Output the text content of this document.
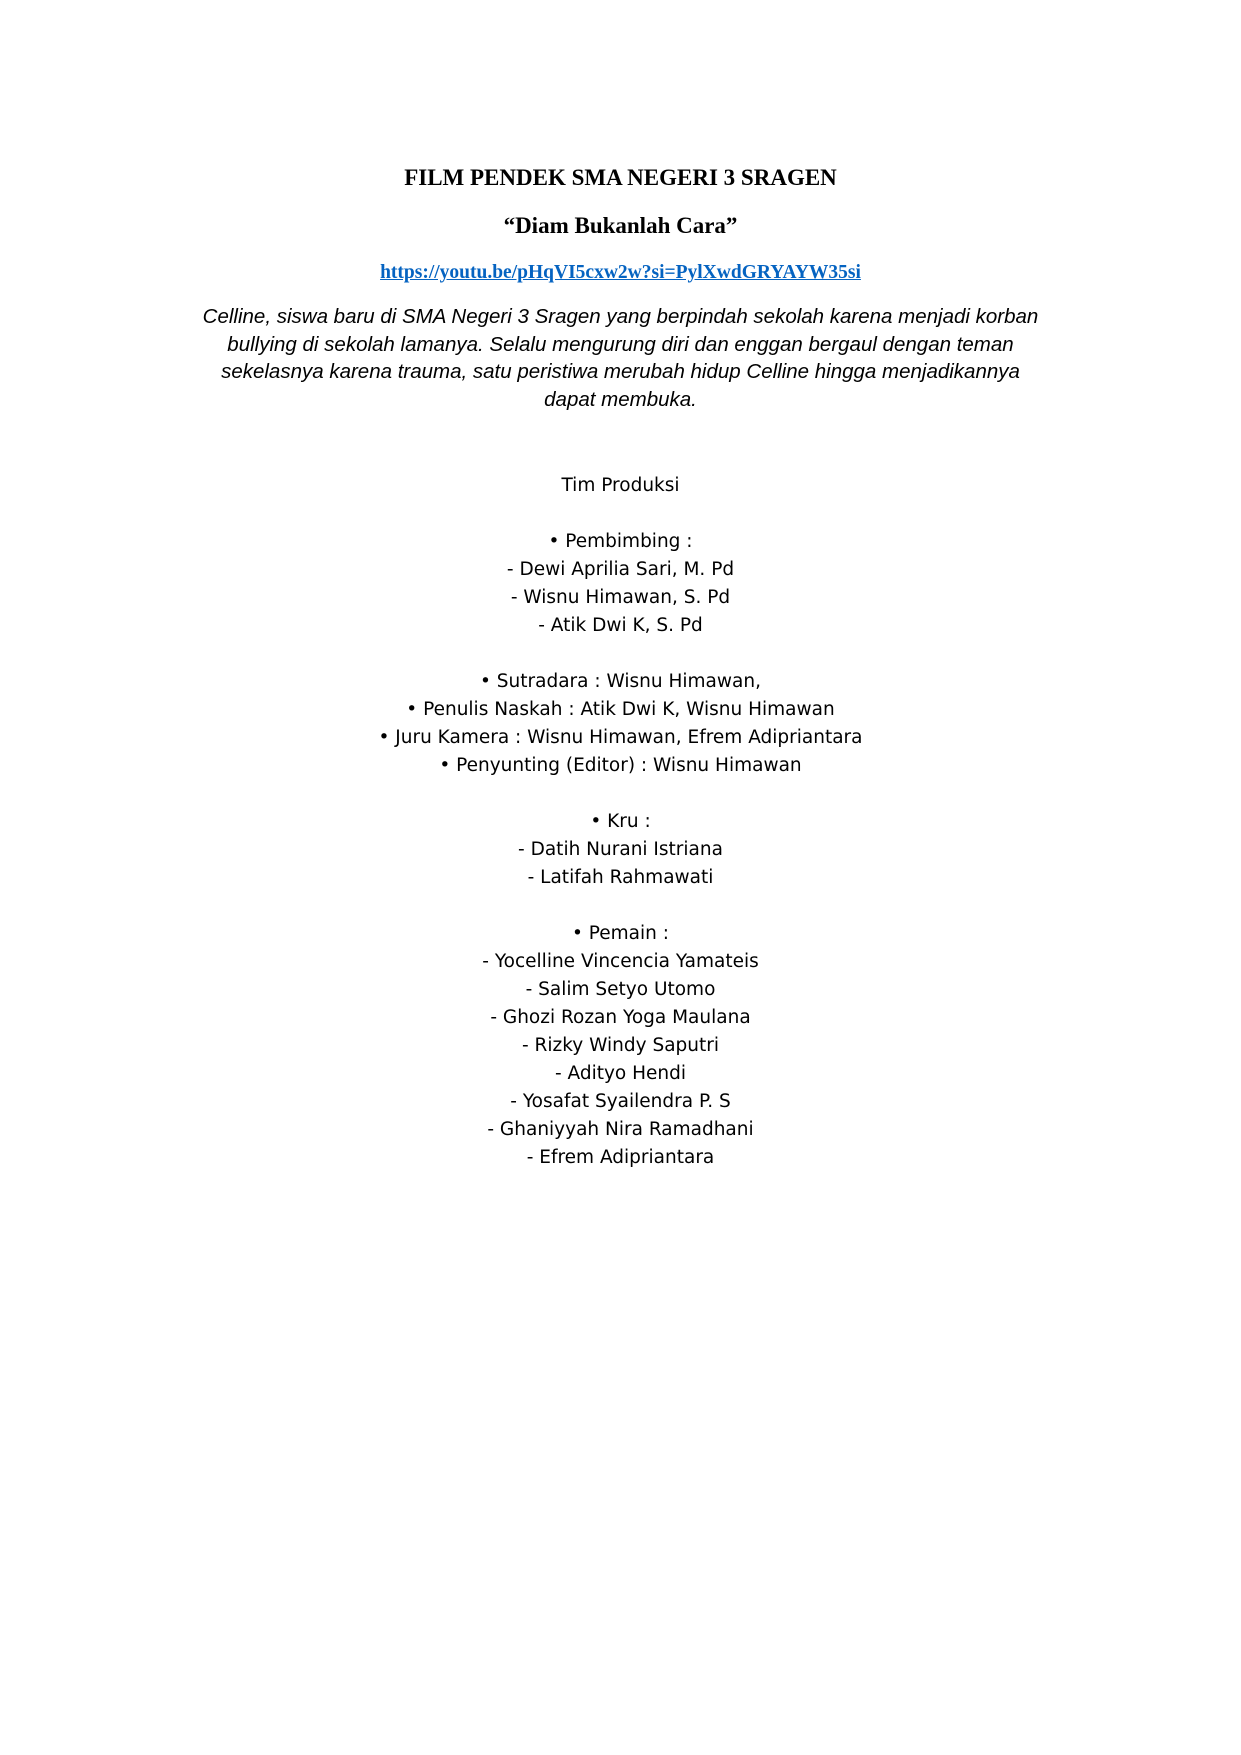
FILM PENDEK SMA NEGERI 3 SRAGEN
“Diam Bukanlah Cara”
https://youtu.be/pHqVI5cxw2w?si=PylXwdGRYAYW35si

Celline, siswa baru di SMA Negeri 3 Sragen yang berpindah sekolah karena menjadi korban bullying di sekolah lamanya. Selalu mengurung diri dan enggan bergaul dengan teman sekelasnya karena trauma, satu peristiwa merubah hidup Celline hingga menjadikannya dapat membuka.

Tim Produksi
• Pembimbing :
- Dewi Aprilia Sari, M. Pd
- Wisnu Himawan, S. Pd
- Atik Dwi K, S. Pd
• Sutradara : Wisnu Himawan,
• Penulis Naskah : Atik Dwi K, Wisnu Himawan
• Juru Kamera : Wisnu Himawan, Efrem Adipriantara
• Penyunting (Editor) : Wisnu Himawan
• Kru :
- Datih Nurani Istriana
- Latifah Rahmawati
• Pemain :
- Yocelline Vincencia Yamateis
- Salim Setyo Utomo
- Ghozi Rozan Yoga Maulana
- Rizky Windy Saputri
- Adityo Hendi
- Yosafat Syailendra P. S
- Ghaniyyah Nira Ramadhani
- Efrem Adipriantara
